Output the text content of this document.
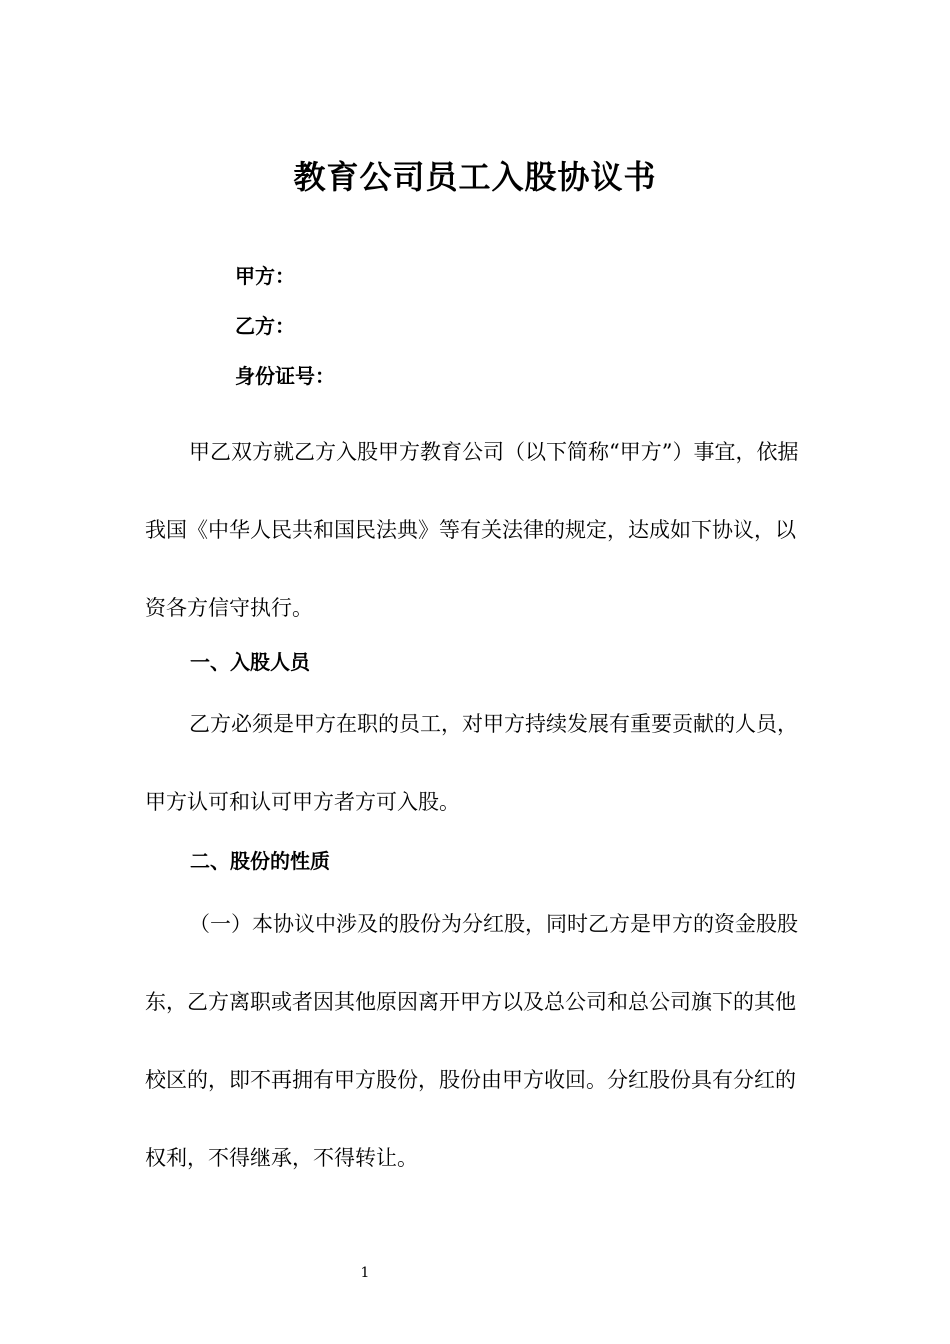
教育公司员工入股协议书
甲方：
乙方：
身份证号：

甲乙双方就乙方入股甲方教育公司（以下简称“甲方”）事宜，依据我国《中华人民共和国民法典》等有关法律的规定，达成如下协议，以资各方信守执行。

一、入股人员

乙方必须是甲方在职的员工，对甲方持续发展有重要贡献的人员，甲方认可和认可甲方者方可入股。

二、股份的性质

（一）本协议中涉及的股份为分红股，同时乙方是甲方的资金股股东，乙方离职或者因其他原因离开甲方以及总公司和总公司旗下的其他校区的，即不再拥有甲方股份，股份由甲方收回。分红股份具有分红的权利，不得继承，不得转让。

1
